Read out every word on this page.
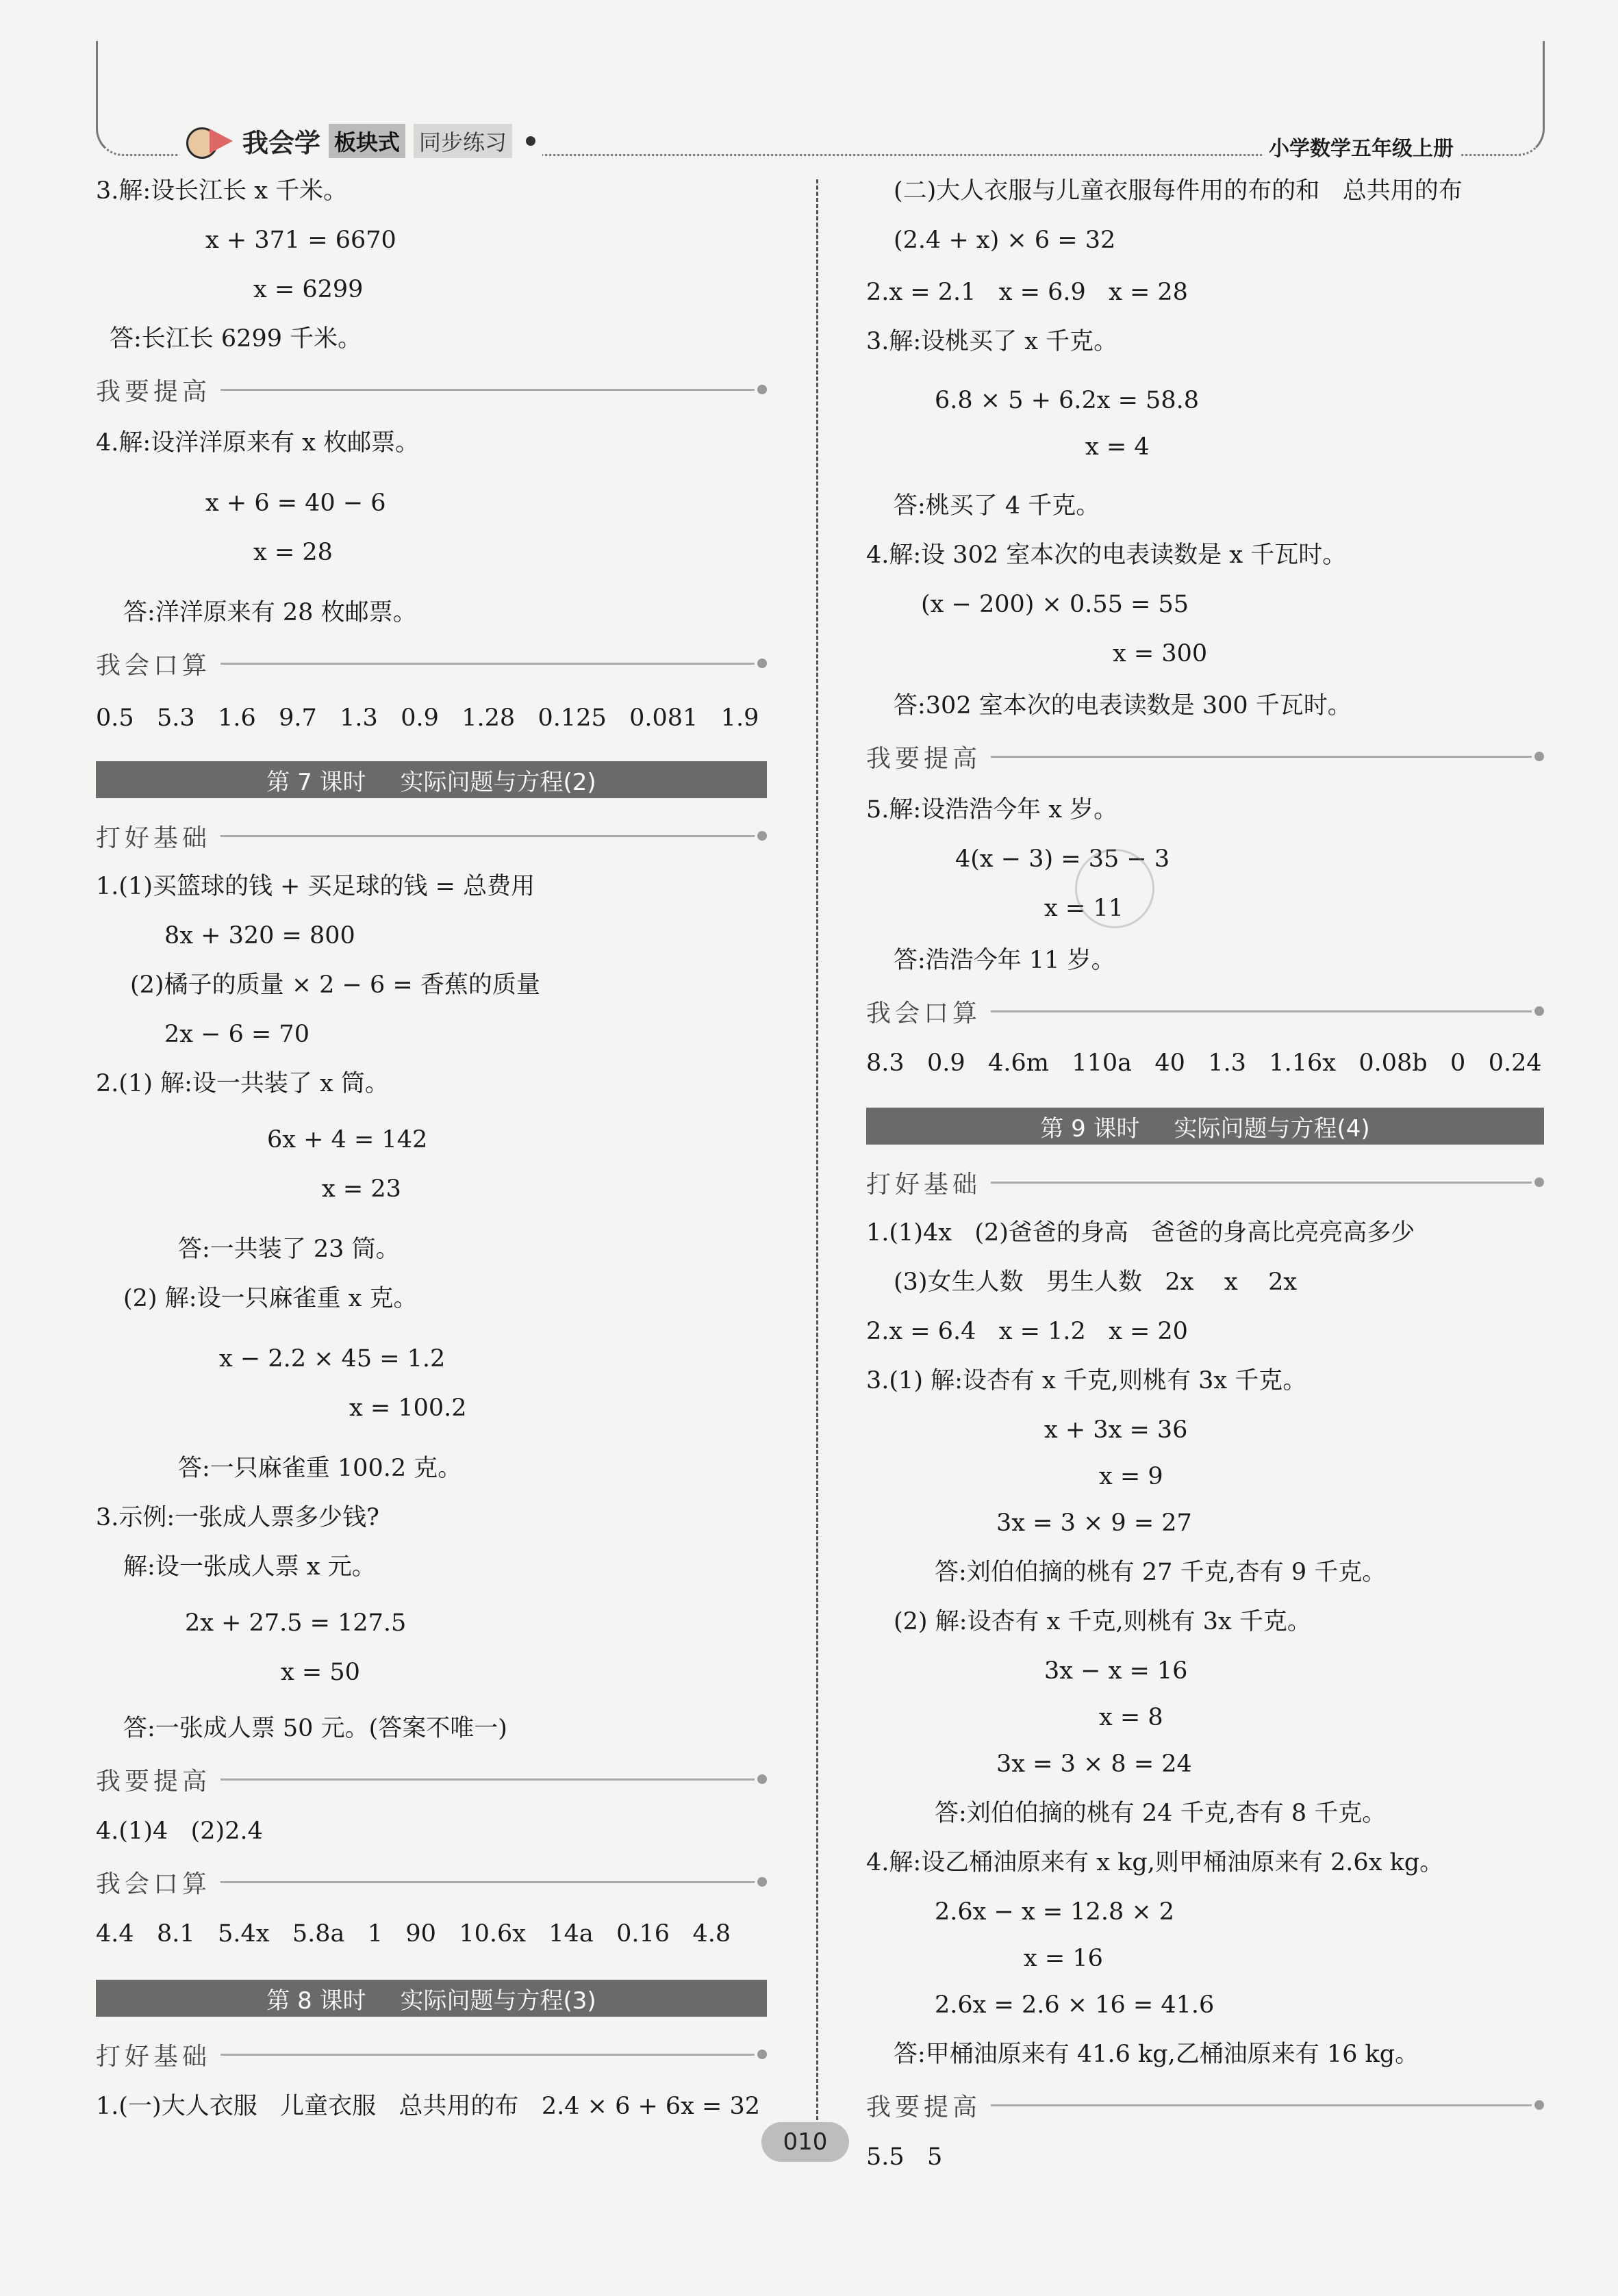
我会学 板块式 同步练习	小学数学五年级上册
3.解:设长江长 x 千米。
x + 371 = 6670
x = 6299
答:长江长 6299 千米。
我要提高
4.解:设洋洋原来有 x 枚邮票。
x + 6 = 40 − 6
x = 28
答:洋洋原来有 28 枚邮票。
我会口算
0.5   5.3   1.6   9.7   1.3   0.9   1.28   0.125   0.081   1.9
第 7 课时 实际问题与方程(2)
打好基础
1.(1)买篮球的钱 + 买足球的钱 = 总费用
8x + 320 = 800
(2)橘子的质量 × 2 − 6 = 香蕉的质量
2x − 6 = 70
2.(1) 解:设一共装了 x 筒。
6x + 4 = 142
x = 23
答:一共装了 23 筒。
(2) 解:设一只麻雀重 x 克。
x − 2.2 × 45 = 1.2
x = 100.2
答:一只麻雀重 100.2 克。
3.示例:一张成人票多少钱?
解:设一张成人票 x 元。
2x + 27.5 = 127.5
x = 50
答:一张成人票 50 元。(答案不唯一)
我要提高
4.(1)4   (2)2.4
我会口算
4.4   8.1   5.4x   5.8a   1   90   10.6x   14a   0.16   4.8
第 8 课时 实际问题与方程(3)
打好基础
1.(一)大人衣服   儿童衣服   总共用的布   2.4 × 6 + 6x = 32
(二)大人衣服与儿童衣服每件用的布的和   总共用的布
(2.4 + x) × 6 = 32
2.x = 2.1   x = 6.9   x = 28
3.解:设桃买了 x 千克。
6.8 × 5 + 6.2x = 58.8
x = 4
答:桃买了 4 千克。
4.解:设 302 室本次的电表读数是 x 千瓦时。
(x − 200) × 0.55 = 55
x = 300
答:302 室本次的电表读数是 300 千瓦时。
我要提高
5.解:设浩浩今年 x 岁。
4(x − 3) = 35 − 3
x = 11
答:浩浩今年 11 岁。
我会口算
8.3   0.9   4.6m   110a   40   1.3   1.16x   0.08b   0   0.24
第 9 课时 实际问题与方程(4)
打好基础
1.(1)4x   (2)爸爸的身高   爸爸的身高比亮亮高多少
(3)女生人数   男生人数   2x    x    2x
2.x = 6.4   x = 1.2   x = 20
3.(1) 解:设杏有 x 千克,则桃有 3x 千克。
x + 3x = 36
x = 9
3x = 3 × 9 = 27
答:刘伯伯摘的桃有 27 千克,杏有 9 千克。
(2) 解:设杏有 x 千克,则桃有 3x 千克。
3x − x = 16
x = 8
3x = 3 × 8 = 24
答:刘伯伯摘的桃有 24 千克,杏有 8 千克。
4.解:设乙桶油原来有 x kg,则甲桶油原来有 2.6x kg。
2.6x − x = 12.8 × 2
x = 16
2.6x = 2.6 × 16 = 41.6
答:甲桶油原来有 41.6 kg,乙桶油原来有 16 kg。
我要提高
5.5   5
010
